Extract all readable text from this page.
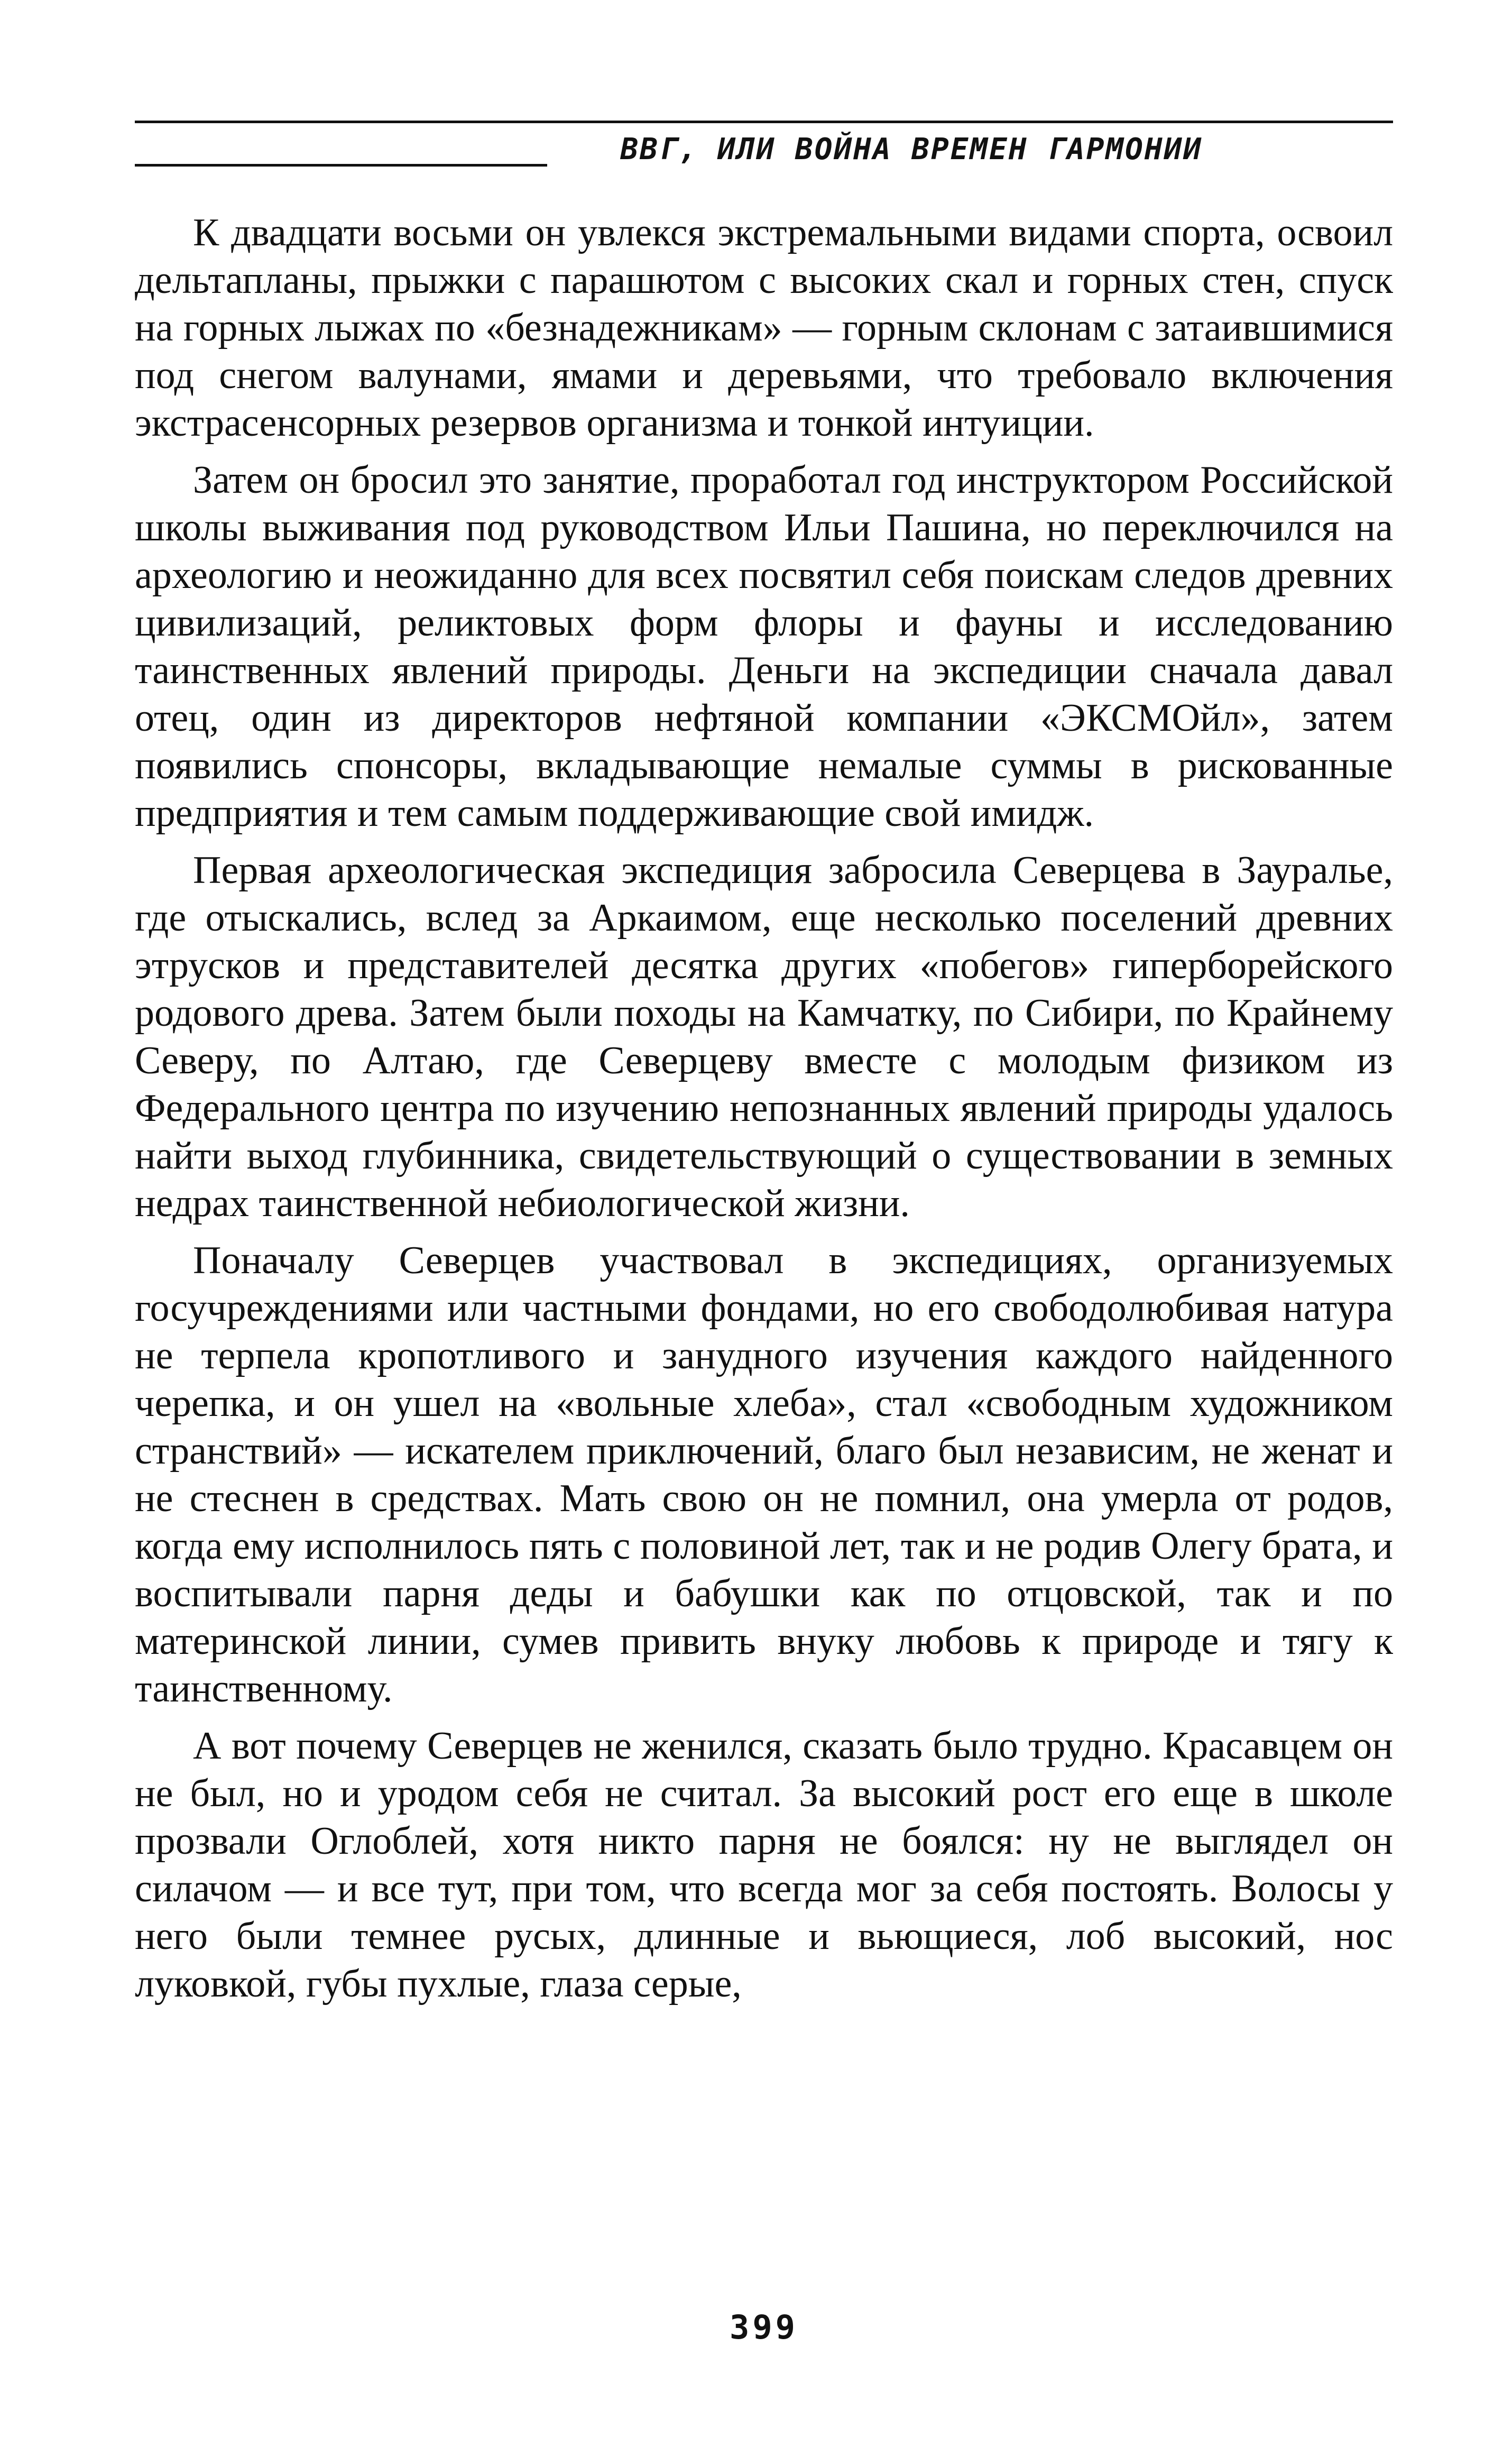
ВВГ, ИЛИ ВОЙНА ВРЕМЕН ГАРМОНИИ

К двадцати восьми он увлекся экстремальными видами спорта, освоил дельтапланы, прыжки с парашютом с высоких скал и горных стен, спуск на горных лыжах по «безнадежникам» — горным склонам с затаившимися под снегом валунами, ямами и деревьями, что требовало включения экстрасенсорных резервов организма и тонкой интуиции.

Затем он бросил это занятие, проработал год инструктором Российской школы выживания под руководством Ильи Пашина, но переключился на археологию и неожиданно для всех посвятил себя поискам следов древних цивилизаций, реликтовых форм флоры и фауны и исследованию таинственных явлений природы. Деньги на экспедиции сначала давал отец, один из директоров нефтяной компании «ЭКСМОйл», затем появились спонсоры, вкладывающие немалые суммы в рискованные предприятия и тем самым поддерживающие свой имидж.

Первая археологическая экспедиция забросила Северцева в Зауралье, где отыскались, вслед за Аркаимом, еще несколько поселений древних этрусков и представителей десятка других «побегов» гиперборейского родового древа. Затем были походы на Камчатку, по Сибири, по Крайнему Северу, по Алтаю, где Северцеву вместе с молодым физиком из Федерального центра по изучению непознанных явлений природы удалось найти выход глубинника, свидетельствующий о существовании в земных недрах таинственной небиологической жизни.

Поначалу Северцев участвовал в экспедициях, организуемых госучреждениями или частными фондами, но его свободолюбивая натура не терпела кропотливого и занудного изучения каждого найденного черепка, и он ушел на «вольные хлеба», стал «свободным художником странствий» — искателем приключений, благо был независим, не женат и не стеснен в средствах. Мать свою он не помнил, она умерла от родов, когда ему исполнилось пять с половиной лет, так и не родив Олегу брата, и воспитывали парня деды и бабушки как по отцовской, так и по материнской линии, сумев привить внуку любовь к природе и тягу к таинственному.

А вот почему Северцев не женился, сказать было трудно. Красавцем он не был, но и уродом себя не считал. За высокий рост его еще в школе прозвали Оглоблей, хотя никто парня не боялся: ну не выглядел он силачом — и все тут, при том, что всегда мог за себя постоять. Волосы у него были темнее русых, длинные и вьющиеся, лоб высокий, нос луковкой, губы пухлые, глаза серые,

399
